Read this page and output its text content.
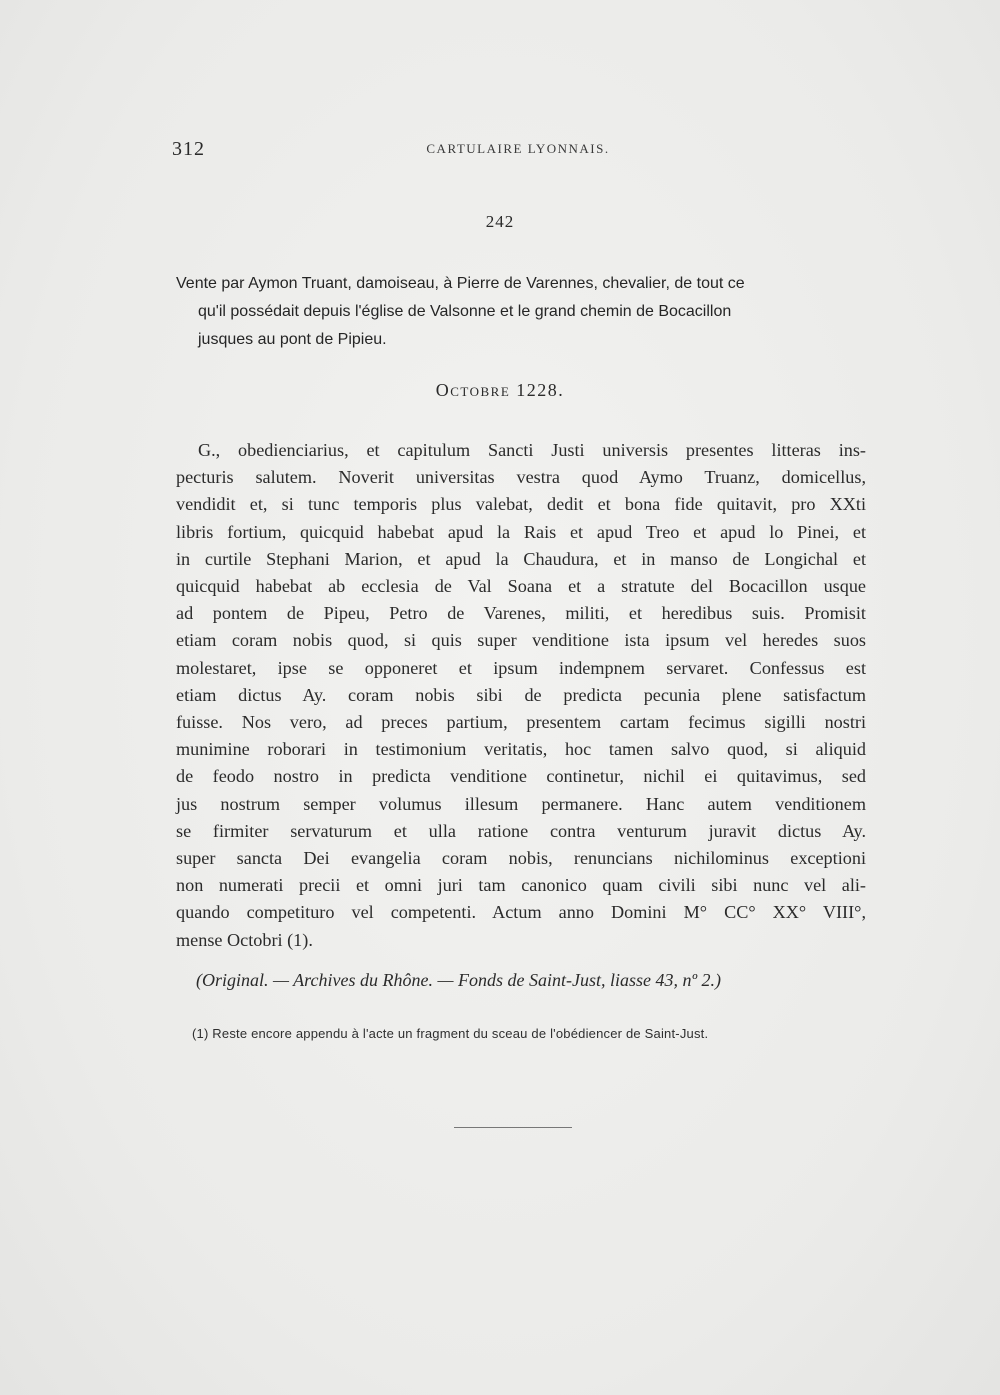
312	CARTULAIRE LYONNAIS.
242
Vente par Aymon Truant, damoiseau, à Pierre de Varennes, chevalier, de tout ce
qu'il possédait depuis l'église de Valsonne et le grand chemin de Bocacillon
jusques au pont de Pipieu.
Octobre 1228.
G., obedienciarius, et capitulum Sancti Justi universis presentes litteras ins-
pecturis salutem. Noverit universitas vestra quod Aymo Truanz, domicellus,
vendidit et, si tunc temporis plus valebat, dedit et bona fide quitavit, pro XXti
libris fortium, quicquid habebat apud la Rais et apud Treo et apud lo Pinei, et
in curtile Stephani Marion, et apud la Chaudura, et in manso de Longichal et
quicquid habebat ab ecclesia de Val Soana et a stratute del Bocacillon usque
ad pontem de Pipeu, Petro de Varenes, militi, et heredibus suis. Promisit
etiam coram nobis quod, si quis super venditione ista ipsum vel heredes suos
molestaret, ipse se opponeret et ipsum indempnem servaret. Confessus est
etiam dictus Ay. coram nobis sibi de predicta pecunia plene satisfactum
fuisse. Nos vero, ad preces partium, presentem cartam fecimus sigilli nostri
munimine roborari in testimonium veritatis, hoc tamen salvo quod, si aliquid
de feodo nostro in predicta venditione continetur, nichil ei quitavimus, sed
jus nostrum semper volumus illesum permanere. Hanc autem venditionem
se firmiter servaturum et ulla ratione contra venturum juravit dictus Ay.
super sancta Dei evangelia coram nobis, renuncians nichilominus exceptioni
non numerati precii et omni juri tam canonico quam civili sibi nunc vel ali-
quando competituro vel competenti. Actum anno Domini M° CC° XX° VIII°,
mense Octobri (1).
(Original. — Archives du Rhône. — Fonds de Saint-Just, liasse 43, nº 2.)
(1) Reste encore appendu à l'acte un fragment du sceau de l'obédiencer de Saint-Just.
